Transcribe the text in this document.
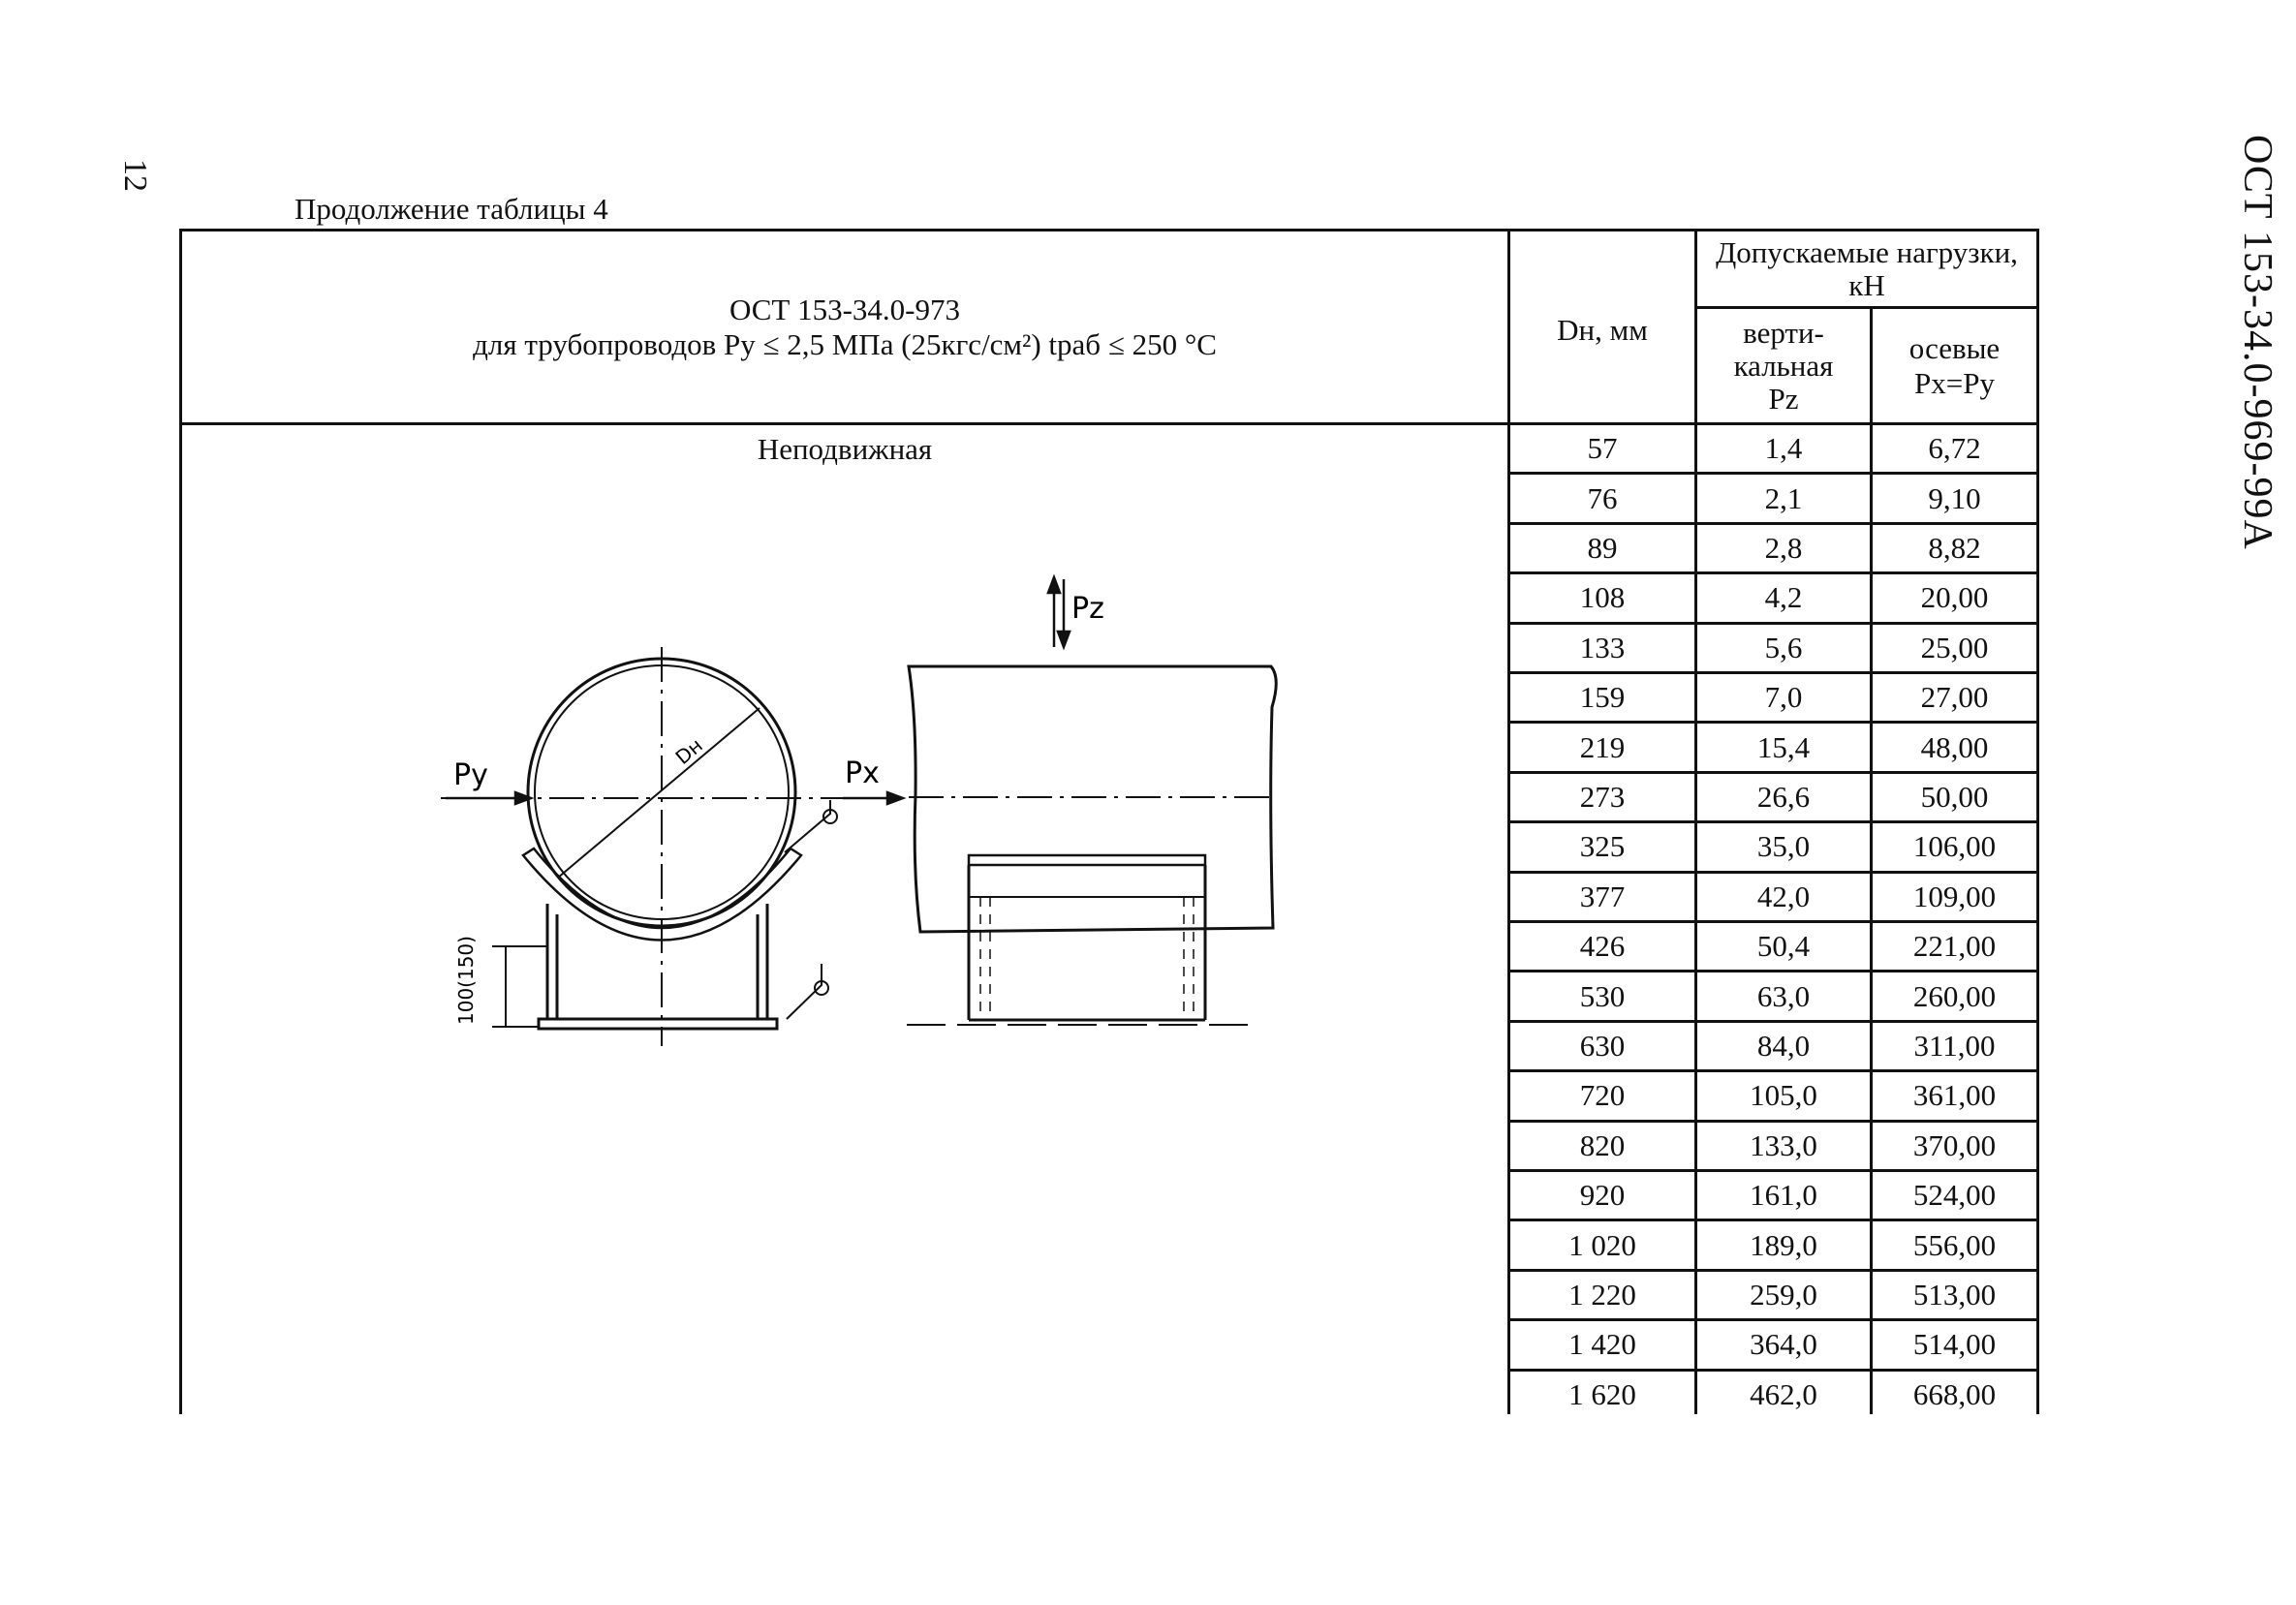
12	ОСТ 153-34.0-969-99А
Продолжение таблицы 4
ОСТ 153-34.0-973
для трубопроводов Ру ≤ 2,5 МПа (25кгс/см²) tраб ≤ 250 °С	Dн, мм
Допускаемые нагрузки, кН
верти-
кальная
Pz
осевые
Рх=Ру
Неподвижная	57	1,4	6,72
76	2,1	9,10
89	2,8	8,82
108	4,2	20,00
133	5,6	25,00
159	7,0	27,00
219	15,4	48,00
273	26,6	50,00
325	35,0	106,00
377	42,0	109,00
426	50,4	221,00
530	63,0	260,00
630	84,0	311,00
720	105,0	361,00
820	133,0	370,00
920	161,0	524,00
1 020	189,0	556,00
1 220	259,0	513,00
1 420	364,0	514,00
1 620	462,0	668,00
Py	Px
Pz
Dн
100(150)
